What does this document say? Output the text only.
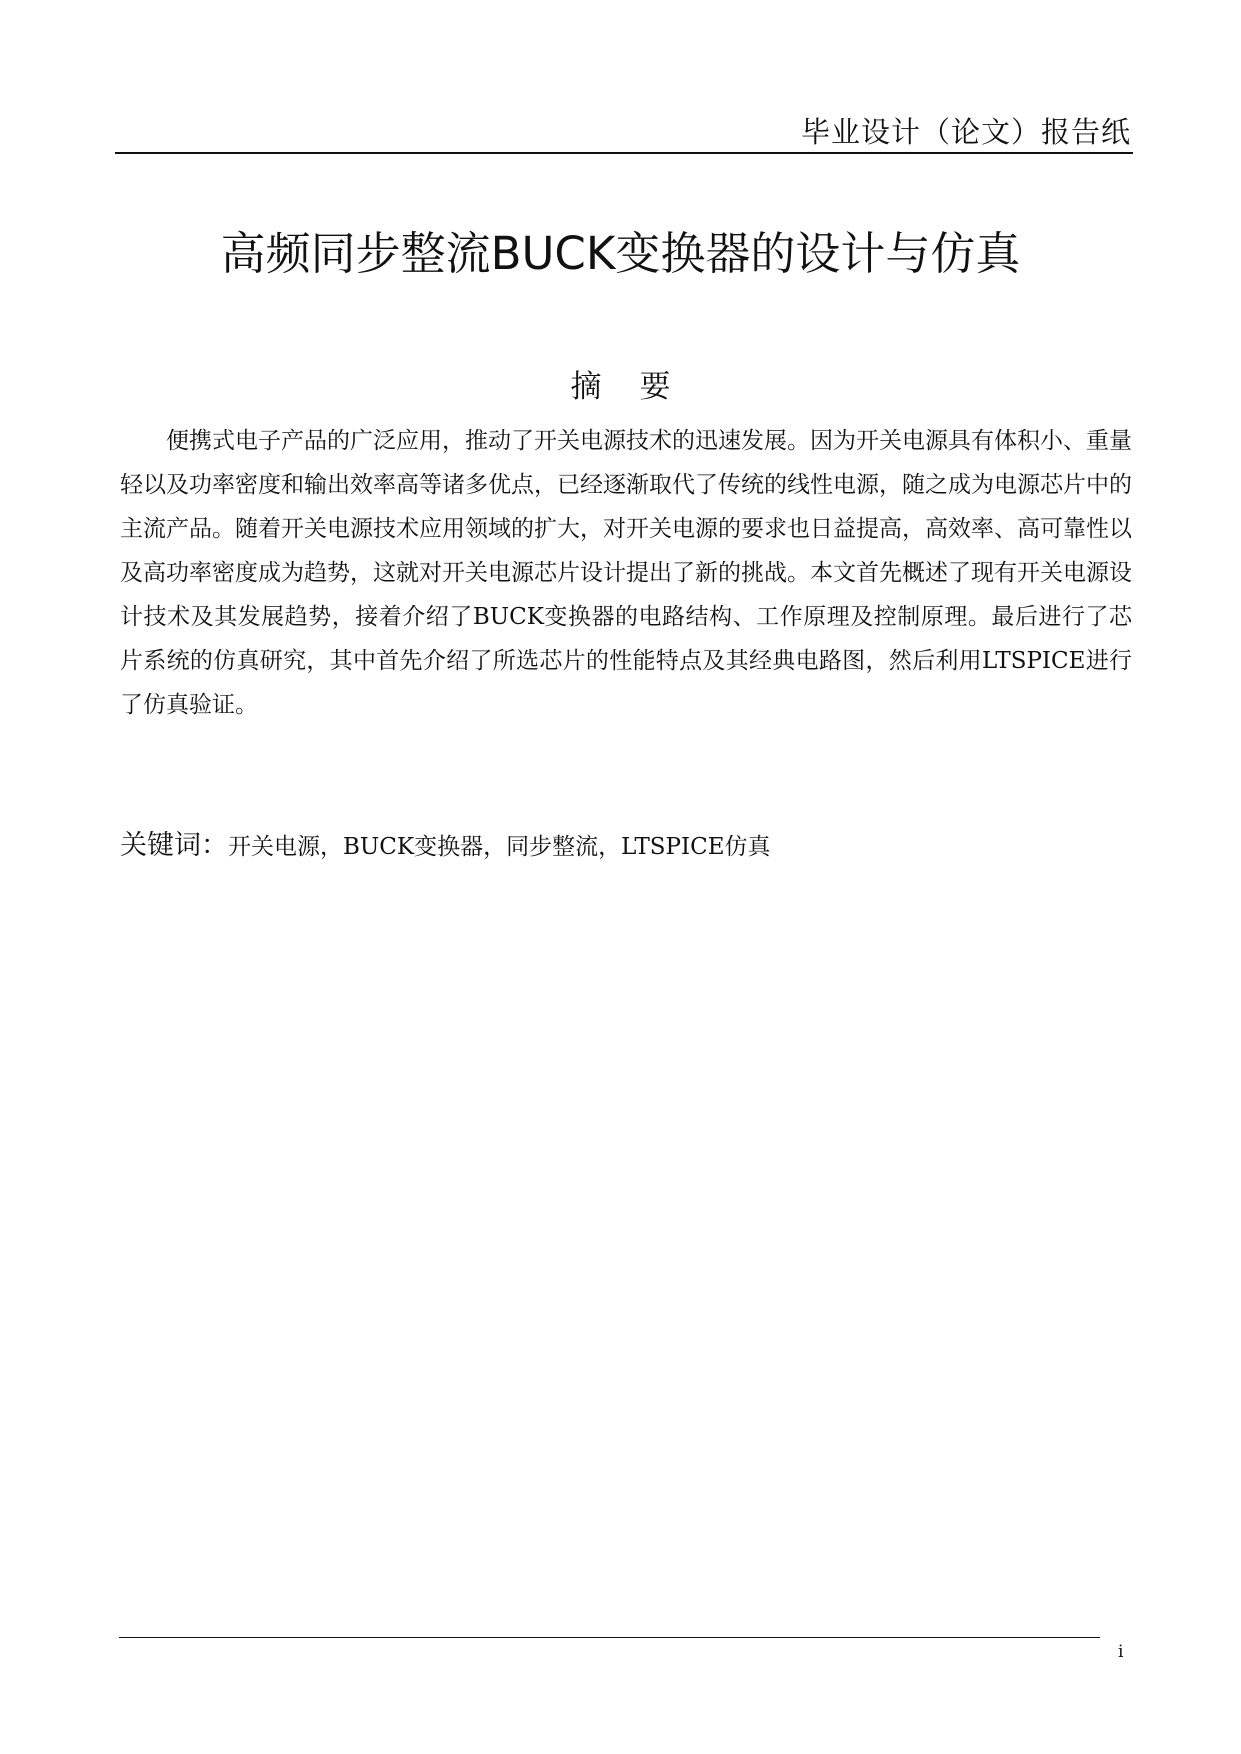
毕业设计（论文）报告纸
高频同步整流BUCK变换器的设计与仿真
摘要

便携式电子产品的广泛应用，推动了开关电源技术的迅速发展。因为开关电源具有体积小、重量轻以及功率密度和输出效率高等诸多优点，已经逐渐取代了传统的线性电源，随之成为电源芯片中的主流产品。随着开关电源技术应用领域的扩大，对开关电源的要求也日益提高，高效率、高可靠性以及高功率密度成为趋势，这就对开关电源芯片设计提出了新的挑战。本文首先概述了现有开关电源设计技术及其发展趋势，接着介绍了BUCK变换器的电路结构、工作原理及控制原理。最后进行了芯片系统的仿真研究，其中首先介绍了所选芯片的性能特点及其经典电路图，然后利用LTSPICE进行了仿真验证。

关键词：开关电源，BUCK变换器，同步整流，LTSPICE仿真
i
